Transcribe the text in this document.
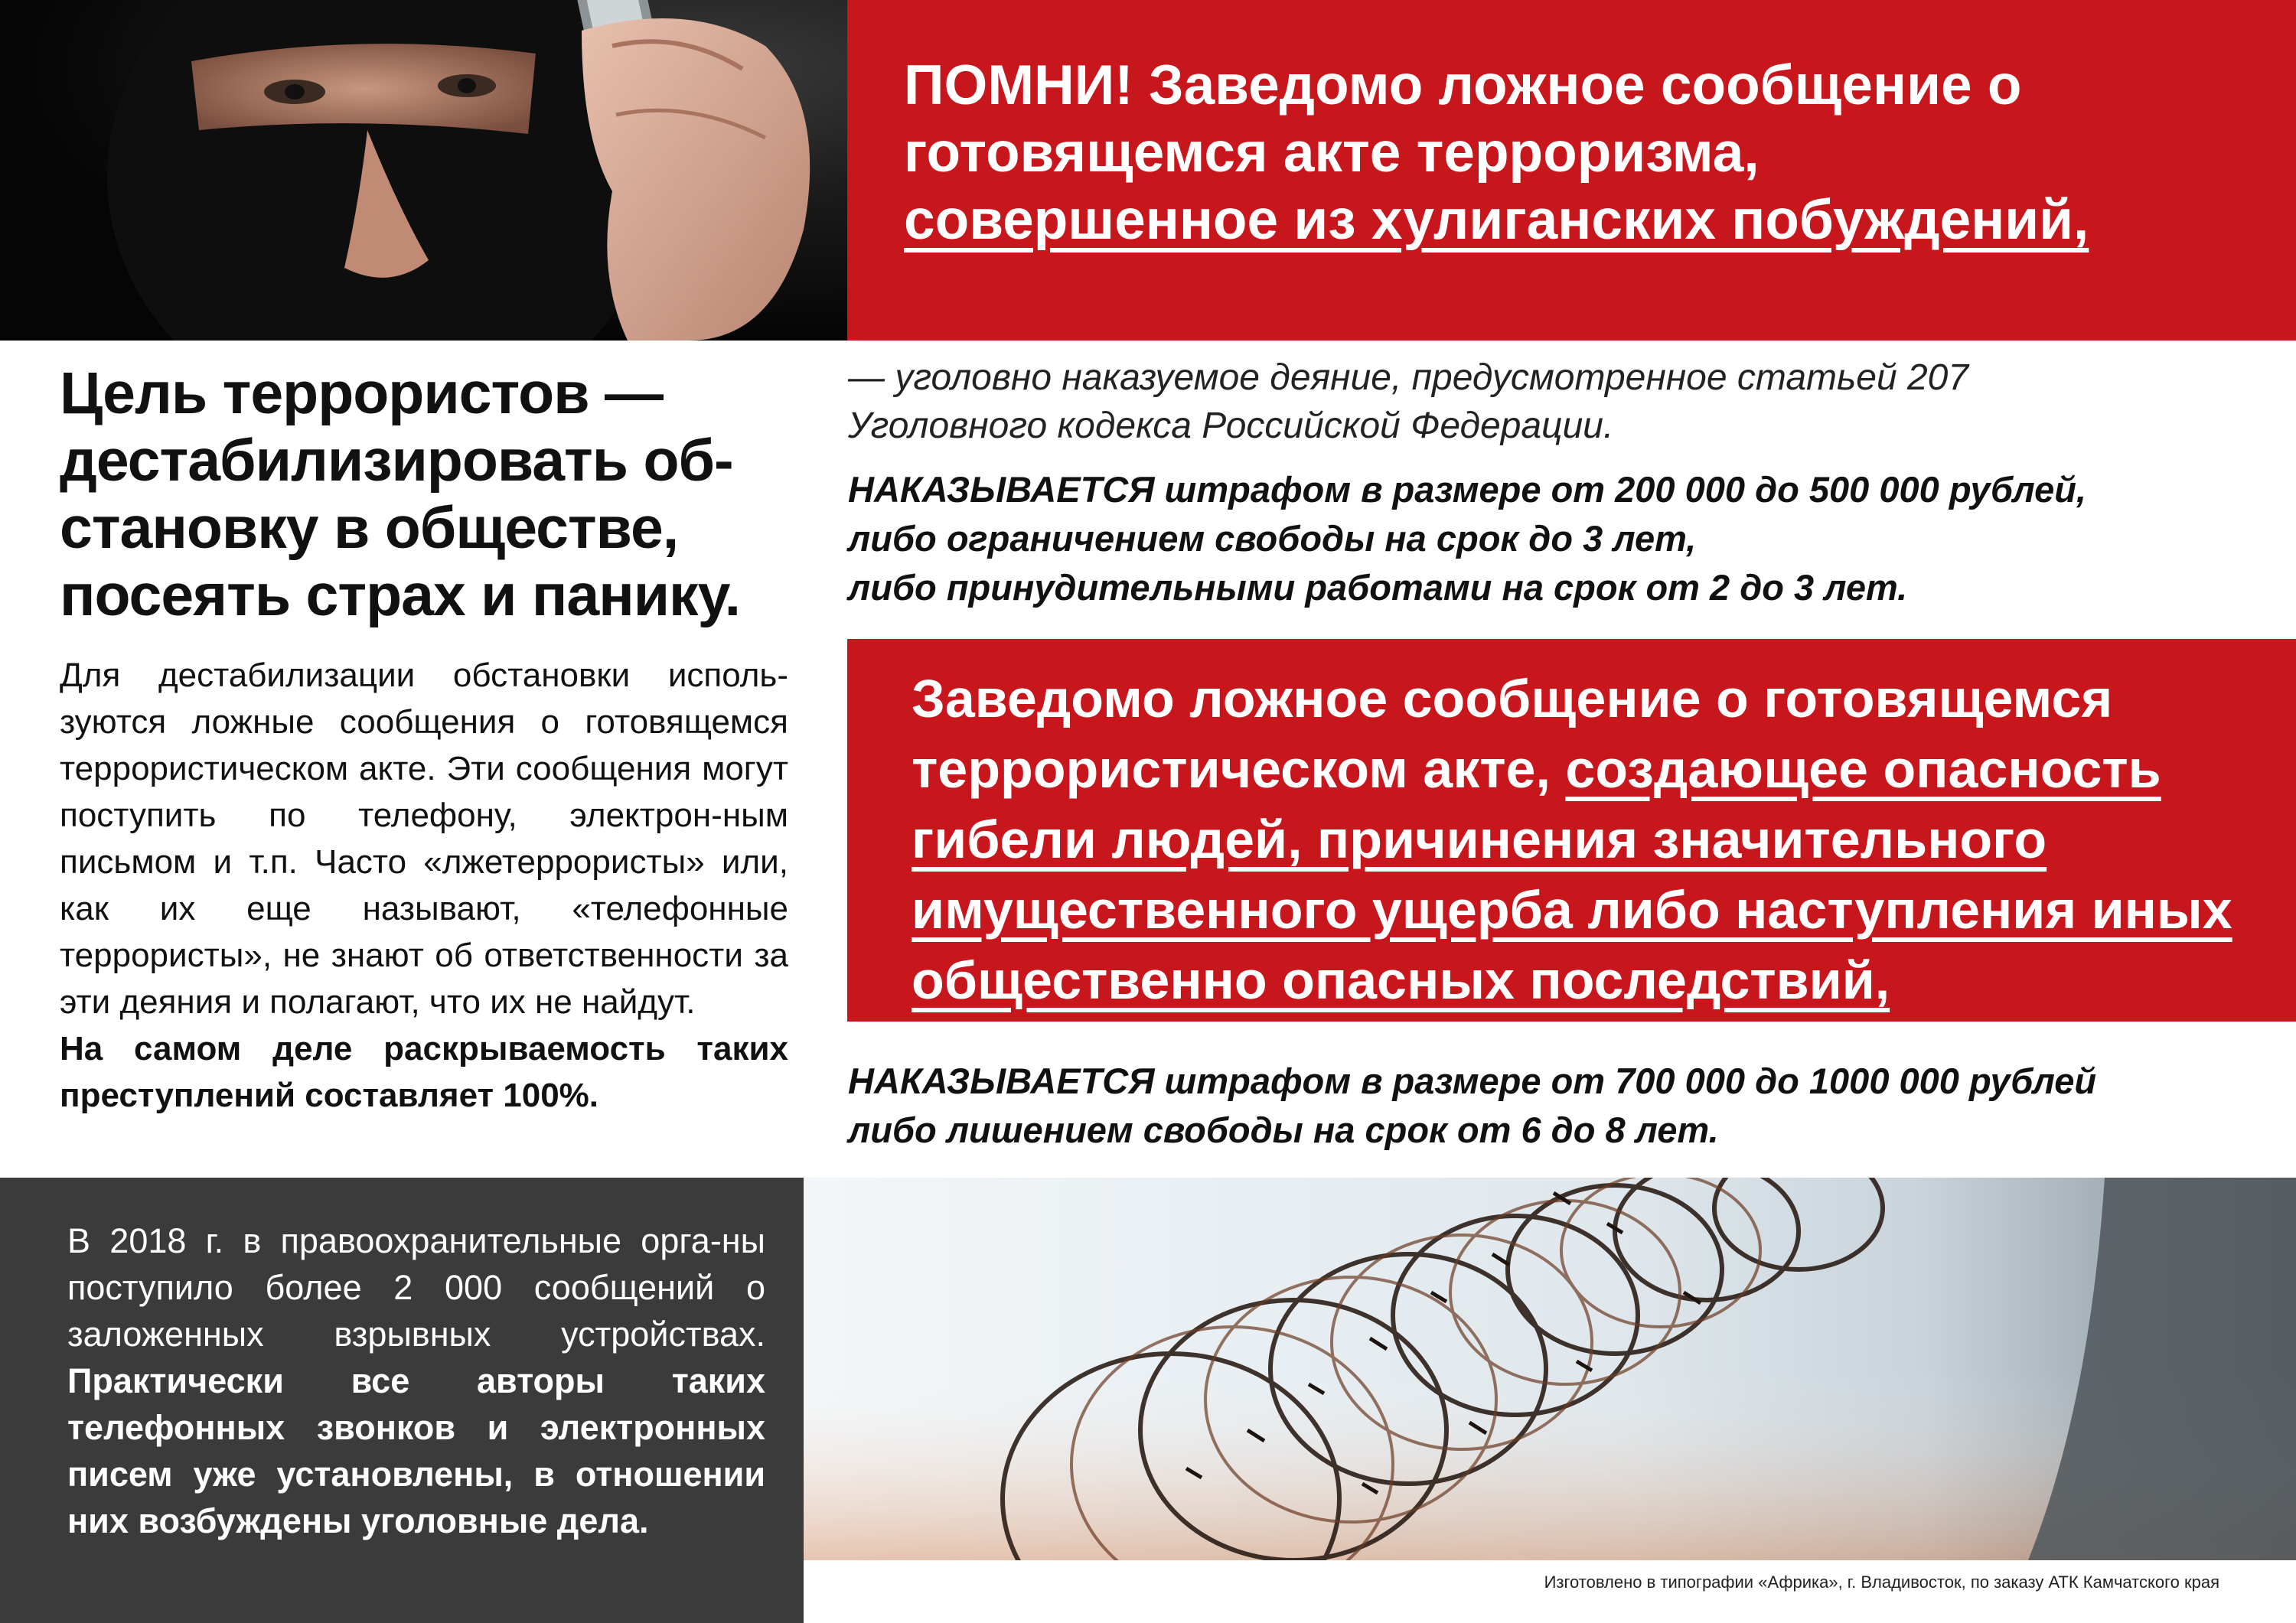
ПОМНИ! Заведомо ложное сообщение о
готовящемся акте терроризма,
совершенное из хулиганских побуждений,
Цель террористов — дестабилизировать об-становку в обществе, посеять страх и панику.

Для дестабилизации обстановки исполь-зуются ложные сообщения о готовящемся террористическом акте. Эти сообщения могут поступить по телефону, электрон-ным письмом и т.п. Часто «лжетеррористы» или, как их еще называют, «телефонные террористы», не знают об ответственности за эти деяния и полагают, что их не найдут.

На самом деле раскрываемость таких преступлений составляет 100%.

— уголовно наказуемое деяние, предусмотренное статьей 207
Уголовного кодекса Российской Федерации.
НАКАЗЫВАЕТСЯ штрафом в размере от 200 000 до 500 000 рублей,
либо ограничением свободы на срок до 3 лет,
либо принудительными работами на срок от 2 до 3 лет.
Заведомо ложное сообщение о готовящемся террористическом акте, создающее опасность гибели людей, причинения значительного имущественного ущерба либо наступления иных общественно опасных последствий,
НАКАЗЫВАЕТСЯ штрафом в размере от 700 000 до 1000 000 рублей
либо лишением свободы на срок от 6 до 8 лет.
В 2018 г. в правоохранительные орга-ны поступило более 2 000 сообщений о заложенных взрывных устройствах. Практически все авторы таких телефонных звонков и электронных писем уже установлены, в отношении них возбуждены уголовные дела.
Изготовлено в типографии «Африка», г. Владивосток, по заказу АТК Камчатского края
